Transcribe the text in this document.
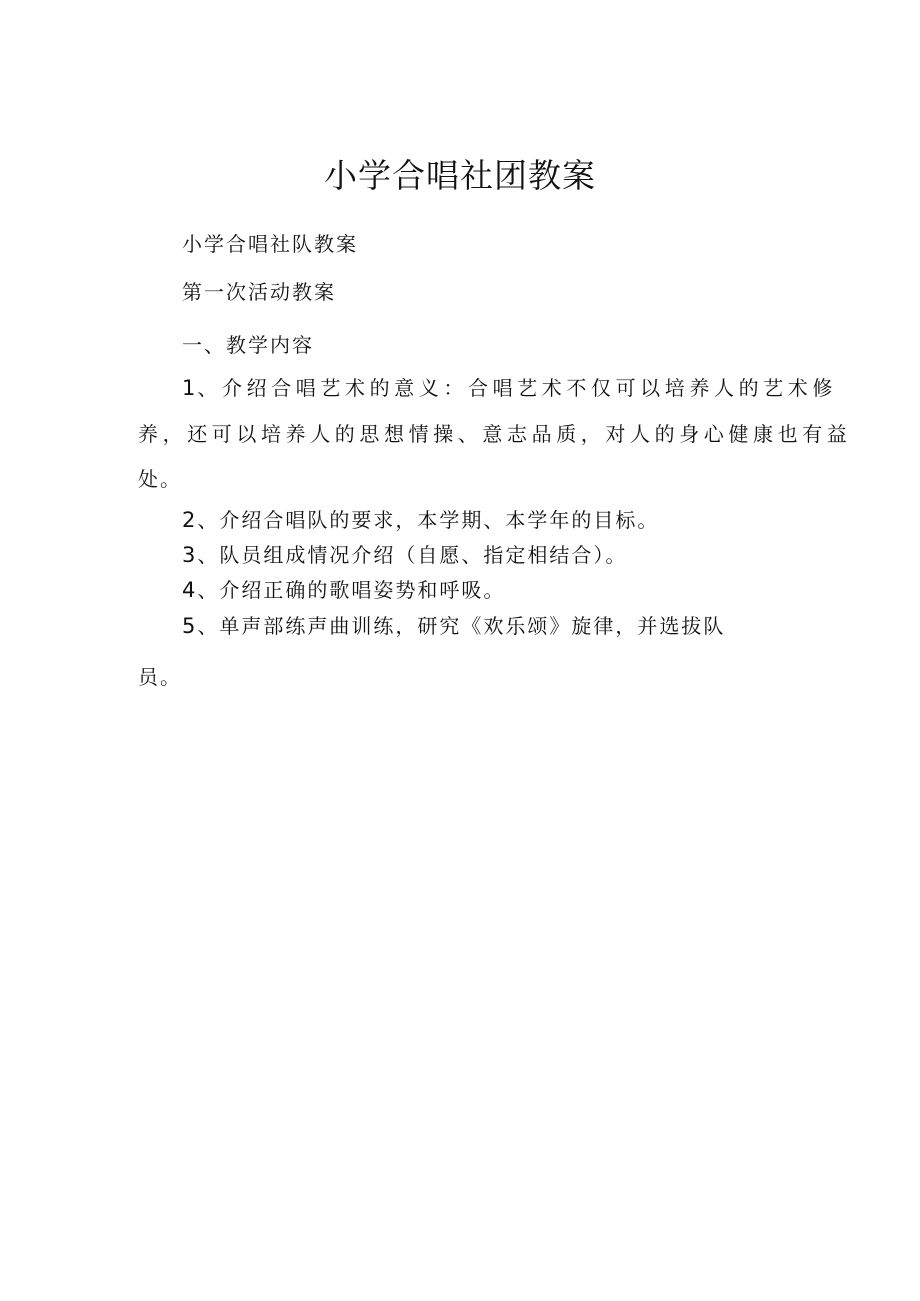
小学合唱社团教案
小学合唱社队教案
第一次活动教案
一、教学内容
1、介绍合唱艺术的意义：合唱艺术不仅可以培养人的艺术修
养，还可以培养人的思想情操、意志品质，对人的身心健康也有益
处。
2、介绍合唱队的要求，本学期、本学年的目标。
3、队员组成情况介绍（自愿、指定相结合）。
4、介绍正确的歌唱姿势和呼吸。
5、单声部练声曲训练，研究《欢乐颂》旋律，并选拔队
员。
